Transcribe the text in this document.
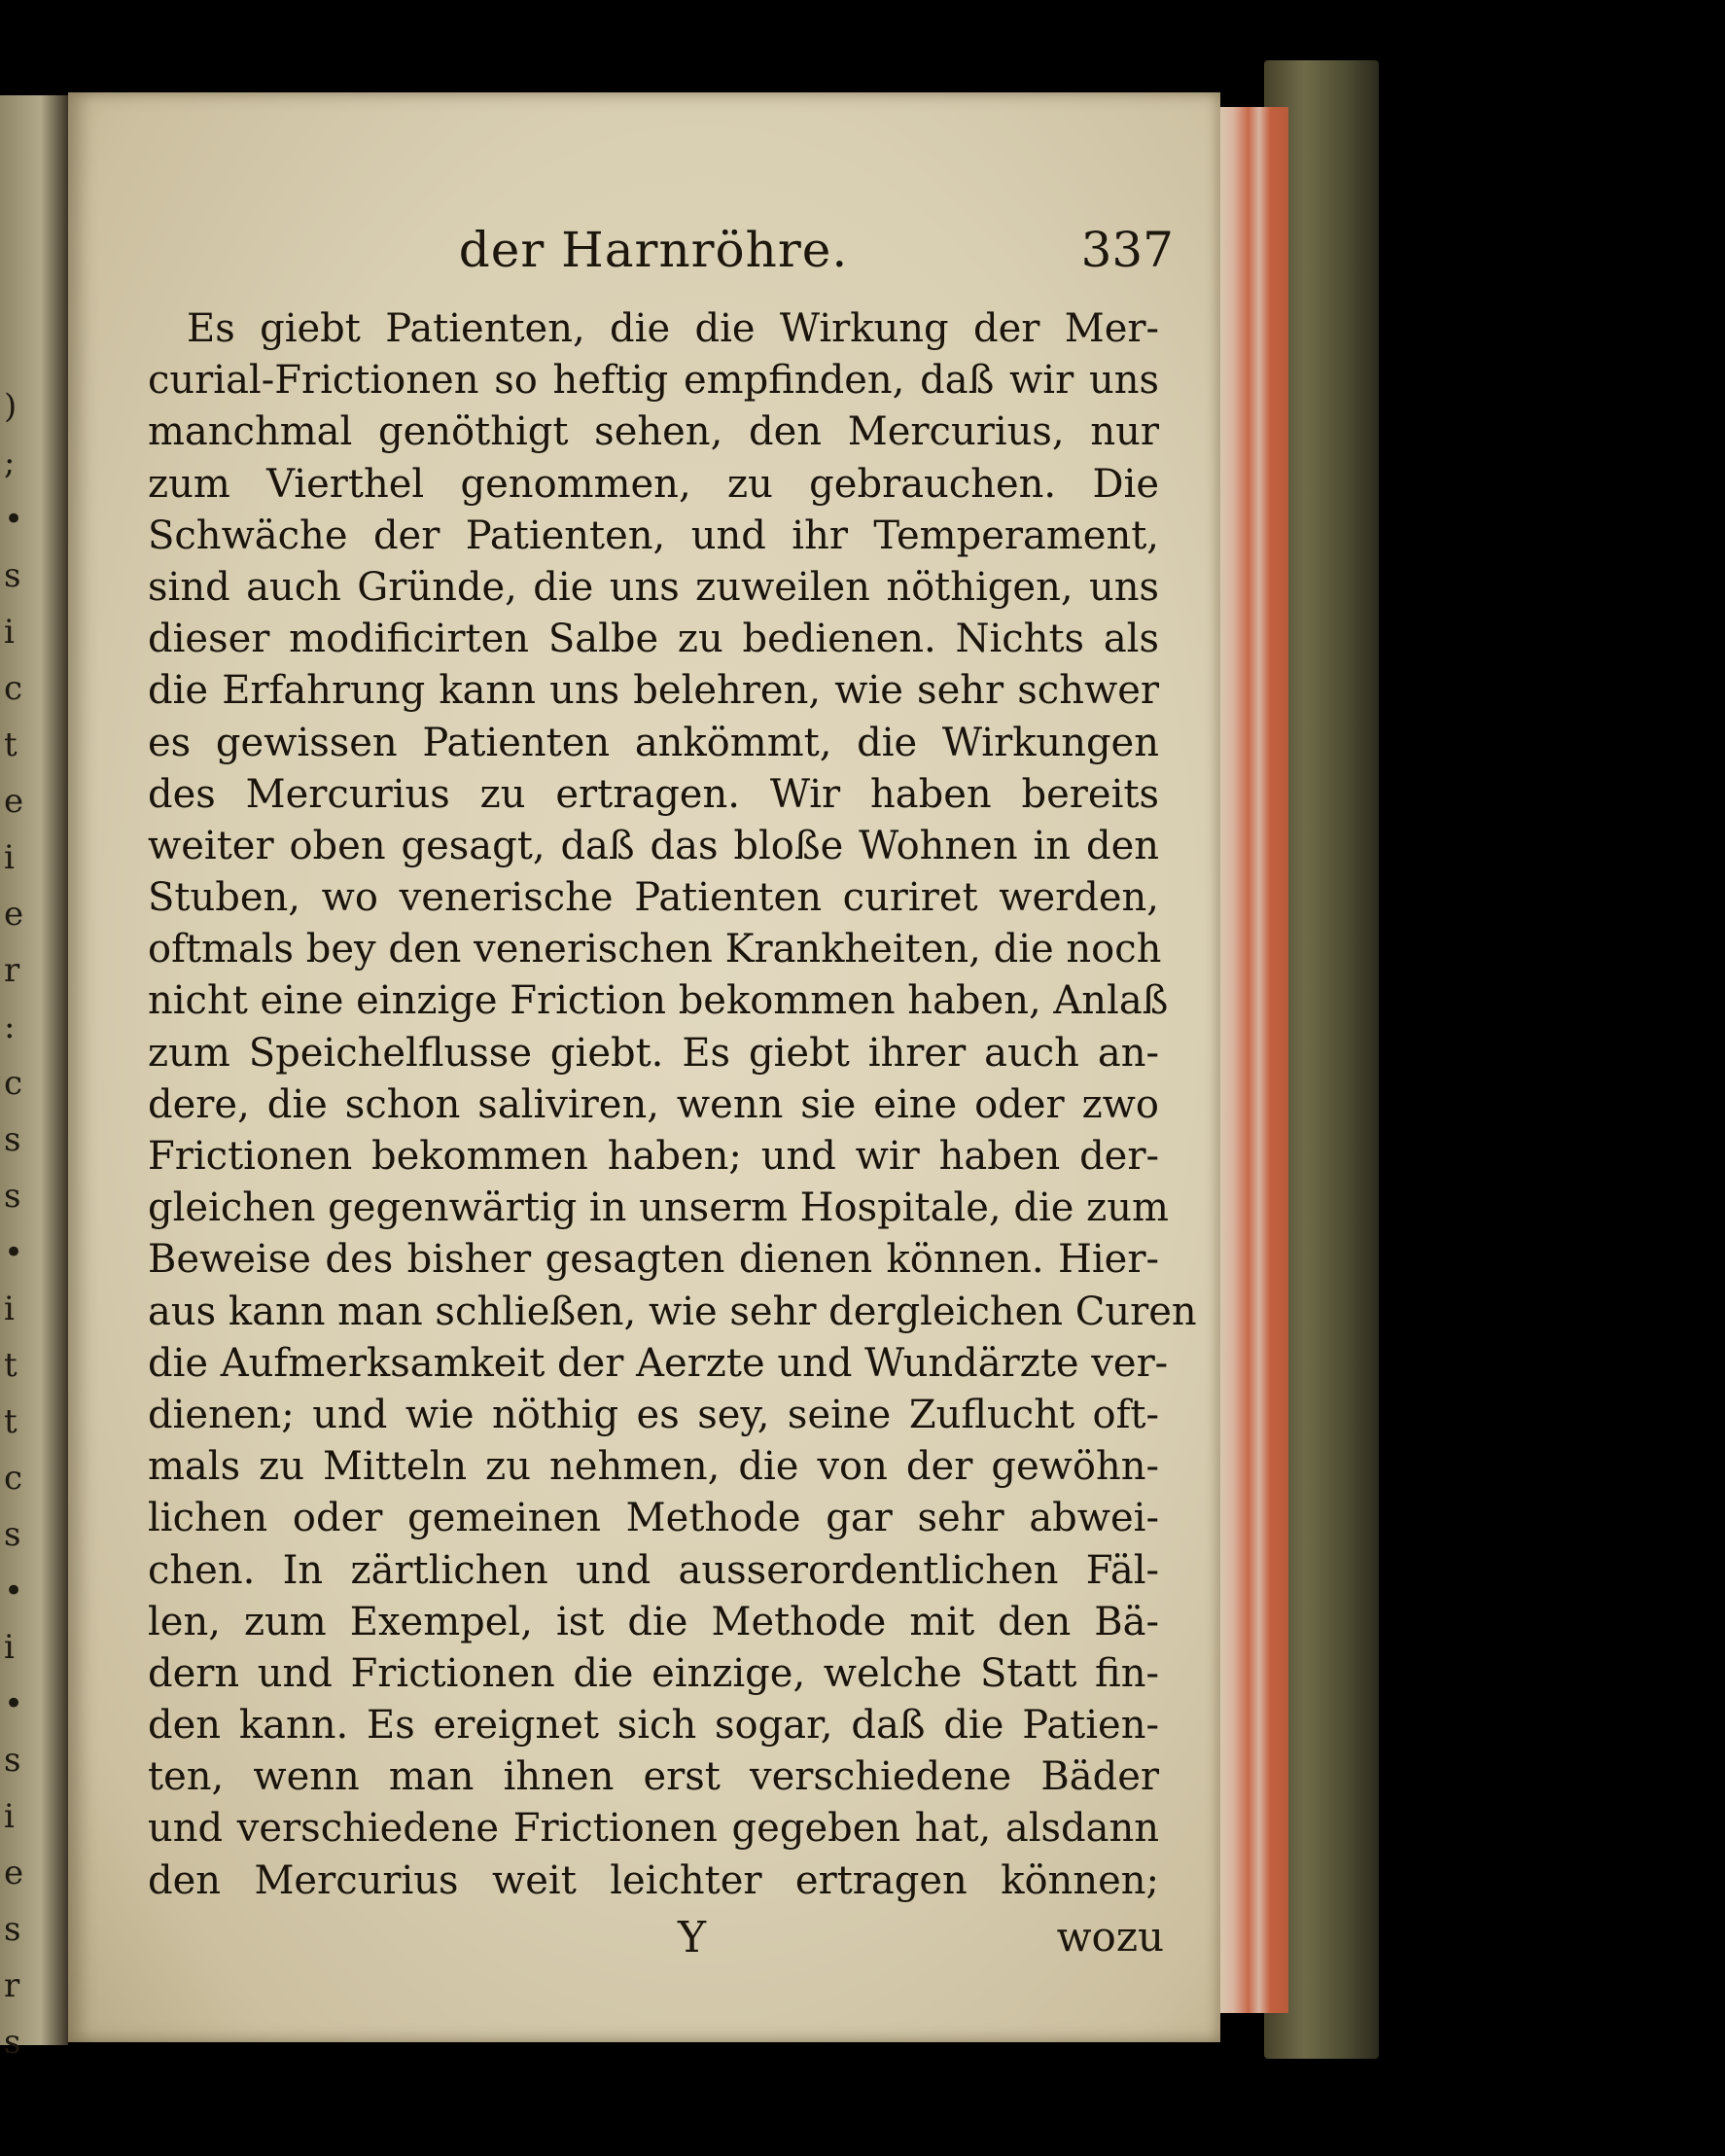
)
;
•
s
i
c
t
e
i
e
r
:
c
s
s
•
i
t
t
c
s
•
i
•
s
i
e
s
r
s
der Harnröhre.	337
Es giebt Patienten, die die Wirkung der Mer-
curial-Frictionen so heftig empfinden, daß wir uns
manchmal genöthigt sehen, den Mercurius, nur
zum Vierthel genommen, zu gebrauchen. Die
Schwäche der Patienten, und ihr Temperament,
sind auch Gründe, die uns zuweilen nöthigen, uns
dieser modificirten Salbe zu bedienen. Nichts als
die Erfahrung kann uns belehren, wie sehr schwer
es gewissen Patienten ankömmt, die Wirkungen
des Mercurius zu ertragen. Wir haben bereits
weiter oben gesagt, daß das bloße Wohnen in den
Stuben, wo venerische Patienten curiret werden,
oftmals bey den venerischen Krankheiten, die noch
nicht eine einzige Friction bekommen haben, Anlaß
zum Speichelflusse giebt. Es giebt ihrer auch an-
dere, die schon saliviren, wenn sie eine oder zwo
Frictionen bekommen haben; und wir haben der-
gleichen gegenwärtig in unserm Hospitale, die zum
Beweise des bisher gesagten dienen können. Hier-
aus kann man schließen, wie sehr dergleichen Curen
die Aufmerksamkeit der Aerzte und Wundärzte ver-
dienen; und wie nöthig es sey, seine Zuflucht oft-
mals zu Mitteln zu nehmen, die von der gewöhn-
lichen oder gemeinen Methode gar sehr abwei-
chen. In zärtlichen und ausserordentlichen Fäl-
len, zum Exempel, ist die Methode mit den Bä-
dern und Frictionen die einzige, welche Statt fin-
den kann. Es ereignet sich sogar, daß die Patien-
ten, wenn man ihnen erst verschiedene Bäder
und verschiedene Frictionen gegeben hat, alsdann
den Mercurius weit leichter ertragen können;
Y	wozu
